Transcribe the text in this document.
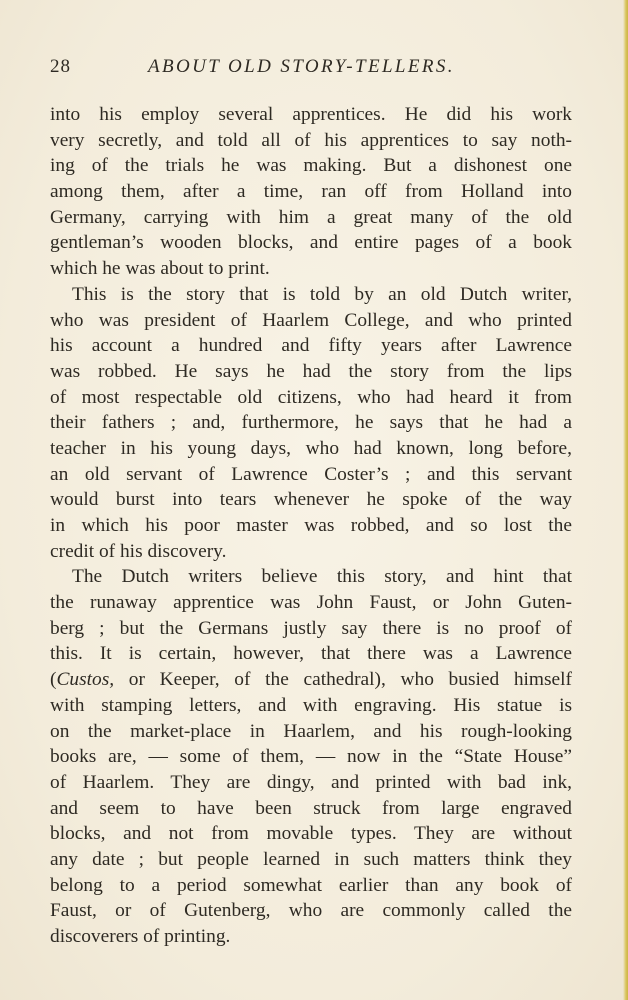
28	ABOUT OLD STORY-TELLERS.
into his employ several apprentices. He did his work
very secretly, and told all of his apprentices to say noth-
ing of the trials he was making. But a dishonest one
among them, after a time, ran off from Holland into
Germany, carrying with him a great many of the old
gentleman’s wooden blocks, and entire pages of a book
which he was about to print.
This is the story that is told by an old Dutch writer,
who was president of Haarlem College, and who printed
his account a hundred and fifty years after Lawrence
was robbed. He says he had the story from the lips
of most respectable old citizens, who had heard it from
their fathers ; and, furthermore, he says that he had a
teacher in his young days, who had known, long before,
an old servant of Lawrence Coster’s ; and this servant
would burst into tears whenever he spoke of the way
in which his poor master was robbed, and so lost the
credit of his discovery.
The Dutch writers believe this story, and hint that
the runaway apprentice was John Faust, or John Guten-
berg ; but the Germans justly say there is no proof of
this. It is certain, however, that there was a Lawrence
(Custos, or Keeper, of the cathedral), who busied himself
with stamping letters, and with engraving. His statue is
on the market-place in Haarlem, and his rough-looking
books are, — some of them, — now in the “State House”
of Haarlem. They are dingy, and printed with bad ink,
and seem to have been struck from large engraved
blocks, and not from movable types. They are without
any date ; but people learned in such matters think they
belong to a period somewhat earlier than any book of
Faust, or of Gutenberg, who are commonly called the
discoverers of printing.
